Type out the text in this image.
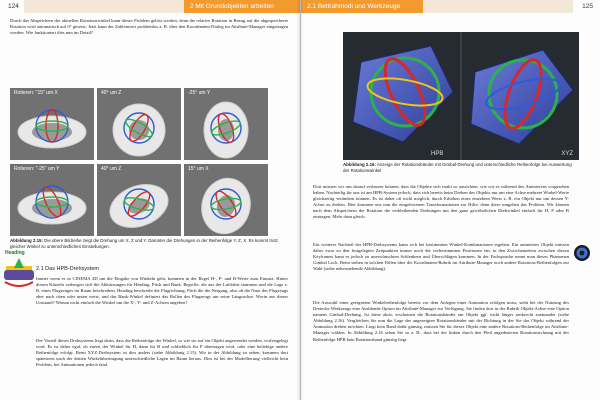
124	2 Mit Grundobjekten arbeiten
Durch das Abspeichern der aktuellen Rotationswinkel kann dieses Problem gelöst werden, denn die relative Rotation in Bezug auf die abgespeicherte Rotation wird automatisch auf 0° gesetzt. Jetzt kann der Zahlenwert problemlos z. B. über den Koordinaten-Dialog im Attribute-Manager eingetragen werden. Wie funktioniert dies nun im Detail?
Rotieren: "15" um X	40° um Z	-25° um Y
Rotieren: "-25" um Y	40° um Z	15° um X
Abbildung 2.15: Die obere Bildreihe zeigt die Drehung um X, Z und Y. Darunter die Drehungen in der Reihenfolge Y, Z, X. Es kommt trotz gleicher Winkel zu unterschiedlichen Einstellungen.
Heading
2.1 Das HPB-Drehsystem
Immer wenn es in CINEMA 4D um die Eingabe von Winkeln geht, kommen in der Regel H-, P- und B-Werte zum Einsatz. Hinter diesen Kürzeln verbergen sich die Abkürzungen für Heading, Pitch und Bank. Begriffe, die aus der Luftfahrt stammen und die Lage z. B. eines Flugzeuges im Raum beschreiben. Heading beschreibt die Flugrichtung, Pitch die die Neigung, also ob die Nase des Flugzeugs eher nach oben oder unten weist, und das Bank-Winkel definiert das Rollen des Flugzeugs um seine Längsachse. Worin aus dieser Umstand? Warum nicht einfach die Winkel um die X-, Y- und Z-Achsen angeben?
Der Vorteil dieses Drehsystems liegt darin, dass die Reihenfolge der Winkel, so wie sie auf ein Objekt angewendet werden, vorfestgelegt wird. Es ist daher egal, ob zuerst der Winkel für H, dann für B und schließlich für P übertragen wird, oder eine beliebige andere Reihenfolge erfolgt. Beim XYZ-Drehsystem ist dies anders (siehe Abbildung 2.15). Wir in der Abbildung zu sehen, kommen dort spätestens nach der dritten Winkelübertragung unterschiedliche Lagen im Raum heraus. Dies ist bei der Modellierung vielleicht kein Problem, bei Animationen jedoch fatal.
2.1 Bettrahmodi und Werkzeuge	125
HPB	XYZ
Abbildung 2.16: Anzeige der Rotationsbänder mit Gimbal-Drehung und unterschiedliche Reihenfolge bei Auswertung der Rotationswinkel
Dort müssen wir uns darauf verlassen können, dass die Objekte sich exakt so ausrichten, wie wir es während des Animierens vorgesehen haben. Nachteilig für uns ist am HPB-System jedoch, dass sich bereits beim Drehen des Objekts nur um eine Achse mehrere Winkel-Werte gleichzeitig verändern können. Es ist daher oft nicht möglich, durch Erhöhen eines einzelnen Werts z. B. ein Objekt nur um dessen Y-Achse zu drehen. Hier kommen uns nun die eingefrorenen Transformationen zur Hilfe, denn diese umgehen das Problem. Wir können nach dem Abspeichern der Rotation die verbleibenden Drehungen mit den ganz gewöhnlichen Drehwinkel einfach für H, P oder B eintragen. Mehr dazu gleich.
Ein weiterer Nachteil der HPB-Drehsystems kann sich bei bestimmten Winkel-Kombinationen ergeben. Ein animiertes Objekt müssen daher zwar zu den festgelegten Zeitpunkten immer noch die vorbestimmten Positionen ein, in den Zwischenzeiten zwischen diesen Keyframes kann es jedoch zu unerwünschten Schlenkern und Überschlägen kommen. In der Fachsprache nennt man dieses Phänomen Gimbal Lock. Beim stehen in solchen Fällen über die Koordinaten-Rubrik im Attribute-Manager noch andere Rotations-Reihenfolgen zur Wahl (siehe nebenstehende Abbildung).
Die Auswahl einer geeigneten Winkelreihenfolge bereits vor dem Anlegen einer Animation erfolgen muss, steht bei der Nutzung des Dreiecks-Werkzeugs eine Ausblende Option im Attribute-Manager zur Verfügung. Sie finden dort in der Rubrik Objekt-Achse eine Option namens Gimbal-Drehung. Ist diese aktiv, erscheinen die Rotationsbänder am Objekt ggf. nicht länger senkrecht zueinander (siehe Abbildung 2.16). Vergleichen Sie nun die Lage der angezeigten Rotationsbänder mit der Richtung in der Sie das Objekt während der Animation drehen möchten. Liegt kein Band dafür günstig, müssen Sie für dieses Objekt eine andere Rotations-Reihenfolge im Attribute-Manager wählen. In Abbildung 2.16 sehen Sie so z. B., dass bei der linken durch den Pfeil angedeuteten Rotationsrichtung mit der Reihenfolge HPB kein Rotationsband günstig liegt.
